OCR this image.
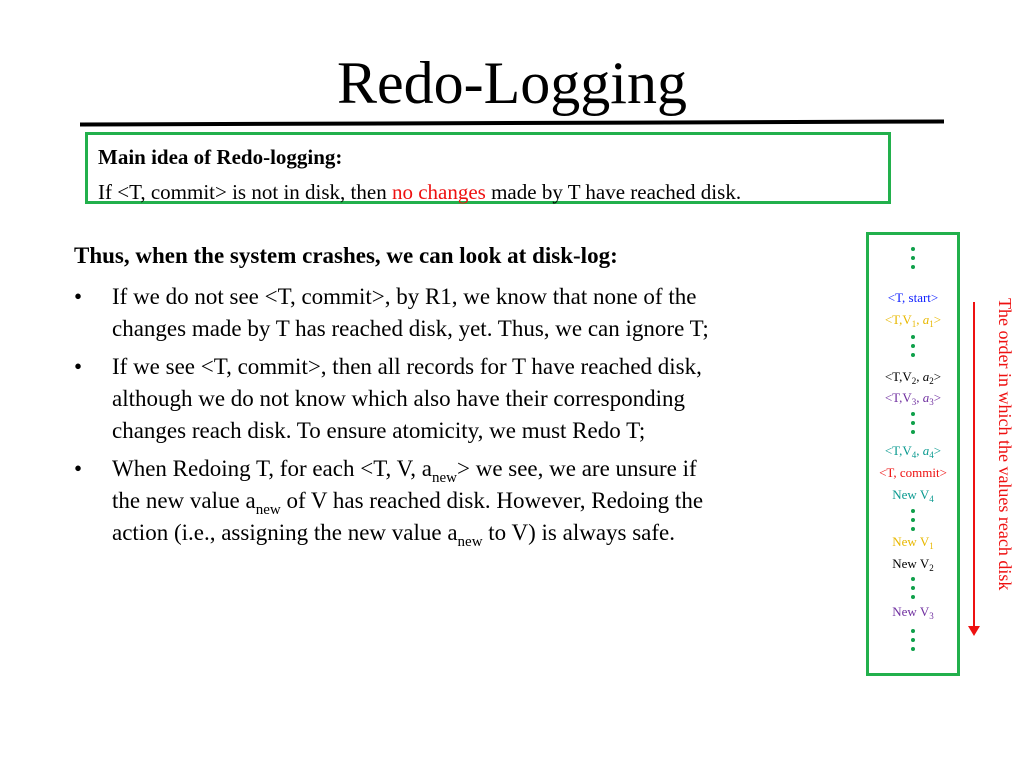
Redo-Logging
Main idea of Redo-logging:
If <T, commit> is not in disk, then no changes made by T have reached disk.
Thus, when the system crashes, we can look at disk-log:
• If we do not see <T, commit>, by R1, we know that none of the
changes made by T has reached disk, yet. Thus, we can ignore T;
• If we see <T, commit>, then all records for T have reached disk,
although we do not know which also have their corresponding
changes reach disk. To ensure atomicity, we must Redo T;
• When Redoing T, for each <T, V, $a_{new}>$ we see, we are unsure if
the new value $a_{new}$ of V has reached disk. However, Redoing the
action (i.e., assigning the new value $a_{new}$ to V) is always safe.
<T, start>
$<T,V_1$, $a_1>$
$<T,V_2$, $a_2>$
$<T,V_3$, $a_3>$
$<T,V_4$, $a_4>$
<T, commit>
New $V_4$
New $V_1$
New $V_2$
New $V_3$
The order in which the values reach disk
